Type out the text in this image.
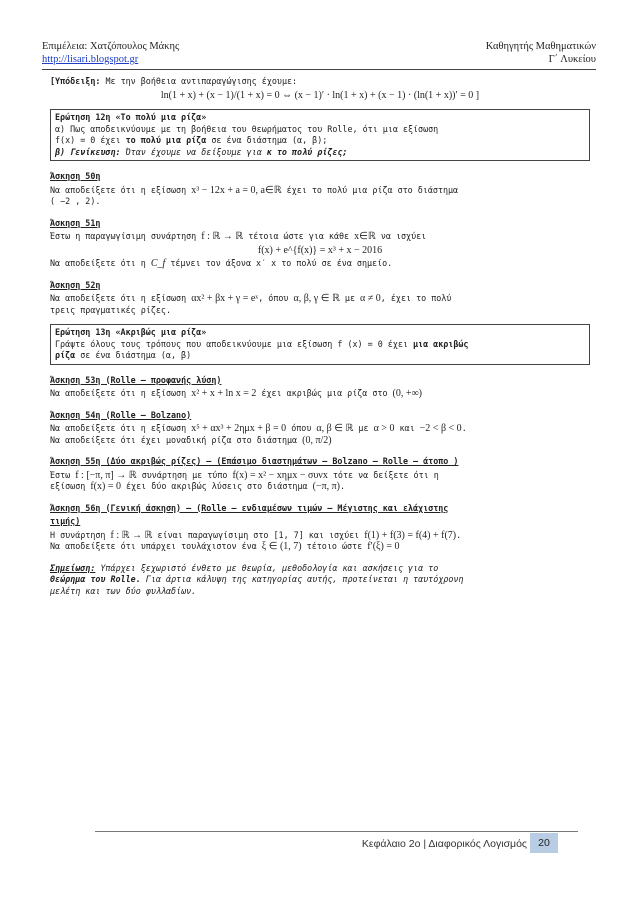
Επιμέλεια: Χατζόπουλος Μάκης
http://lisari.blogspot.gr
Καθηγητής Μαθηματικών
Γ΄ Λυκείου
[Υπόδειξη: Με την βοήθεια αντιπαραγώγισης έχουμε:
ln(1 + x) + (x − 1)/(1 + x) = 0 ⇔ (x − 1)′ · ln(1 + x) + (x − 1) · (ln(1 + x))′ = 0 ]
Ερώτηση 12η «Το πολύ μια ρίζα»
α) Πως αποδεικνύουμε με τη βοήθεια του θεωρήματος του Rolle, ότι μια εξίσωση
f(x) = 0 έχει το πολύ μια ρίζα σε ένα διάστημα (α, β);
β) Γενίκευση: Όταν έχουμε να δείξουμε για κ το πολύ ρίζες;
Άσκηση 50η
Να αποδείξετε ότι η εξίσωση x³ − 12x + a = 0, a∈ℝ έχει το πολύ μια ρίζα στο διάστημα
( −2 , 2).
Άσκηση 51η
Έστω η παραγωγίσιμη συνάρτηση f : ℝ → ℝ τέτοια ώστε για κάθε x∈ℝ να ισχύει
f(x) + e^{f(x)} = x³ + x − 2016
Να αποδείξετε ότι η C_f τέμνει τον άξονα x′ x το πολύ σε ένα σημείο.
Άσκηση 52η
Να αποδείξετε ότι η εξίσωση αx² + βx + γ = eˣ, όπου α, β, γ ∈ ℝ με α ≠ 0, έχει το πολύ
τρεις πραγματικές ρίζες.
Ερώτηση 13η «Ακριβώς μια ρίζα»
Γράψτε όλους τους τρόπους που αποδεικνύουμε μια εξίσωση f (x) = 0 έχει μια ακριβώς
ρίζα σε ένα διάστημα (α, β)
Άσκηση 53η (Rolle – προφανής λύση)
Να αποδείξετε ότι η εξίσωση x² + x + ln x = 2 έχει ακριβώς μια ρίζα στο (0, +∞)
Άσκηση 54η (Rolle – Bolzano)
Να αποδείξετε ότι η εξίσωση x⁵ + αx³ + 2ημx + β = 0 όπου α, β ∈ ℝ με α > 0 και −2 < β < 0.
Να αποδείξετε ότι έχει μοναδική ρίζα στο διάστημα (0, π/2)
Άσκηση 55η (Δύο ακριβώς ρίζες) – (Επάσιμο διαστημάτων – Bolzano – Rolle – άτοπο )
Έστω f : [−π, π] → ℝ συνάρτηση με τύπο f(x) = x² − xημx − συνx τότε να δείξετε ότι η
εξίσωση f(x) = 0 έχει δύο ακριβώς λύσεις στο διάστημα (−π, π).
Άσκηση 56η (Γενική άσκηση) – (Rolle – ενδιαμέσων τιμών – Μέγιστης και ελάχιστης
τιμής)
Η συνάρτηση f : ℝ → ℝ είναι παραγωγίσιμη στο [1, 7] και ισχύει f(1) + f(3) = f(4) + f(7).
Να αποδείξετε ότι υπάρχει τουλάχιστον ένα ξ ∈ (1, 7) τέτοιο ώστε f′(ξ) = 0
Σημείωση: Υπάρχει ξεχωριστό ένθετο με θεωρία, μεθοδολογία και ασκήσεις για το
Θεώρημα του Rolle. Για άρτια κάλυψη της κατηγορίας αυτής, προτείνεται η ταυτόχρονη
μελέτη και των δύο φυλλαδίων.
Κεφάλαιο 2ο | Διαφορικός Λογισμός	20
